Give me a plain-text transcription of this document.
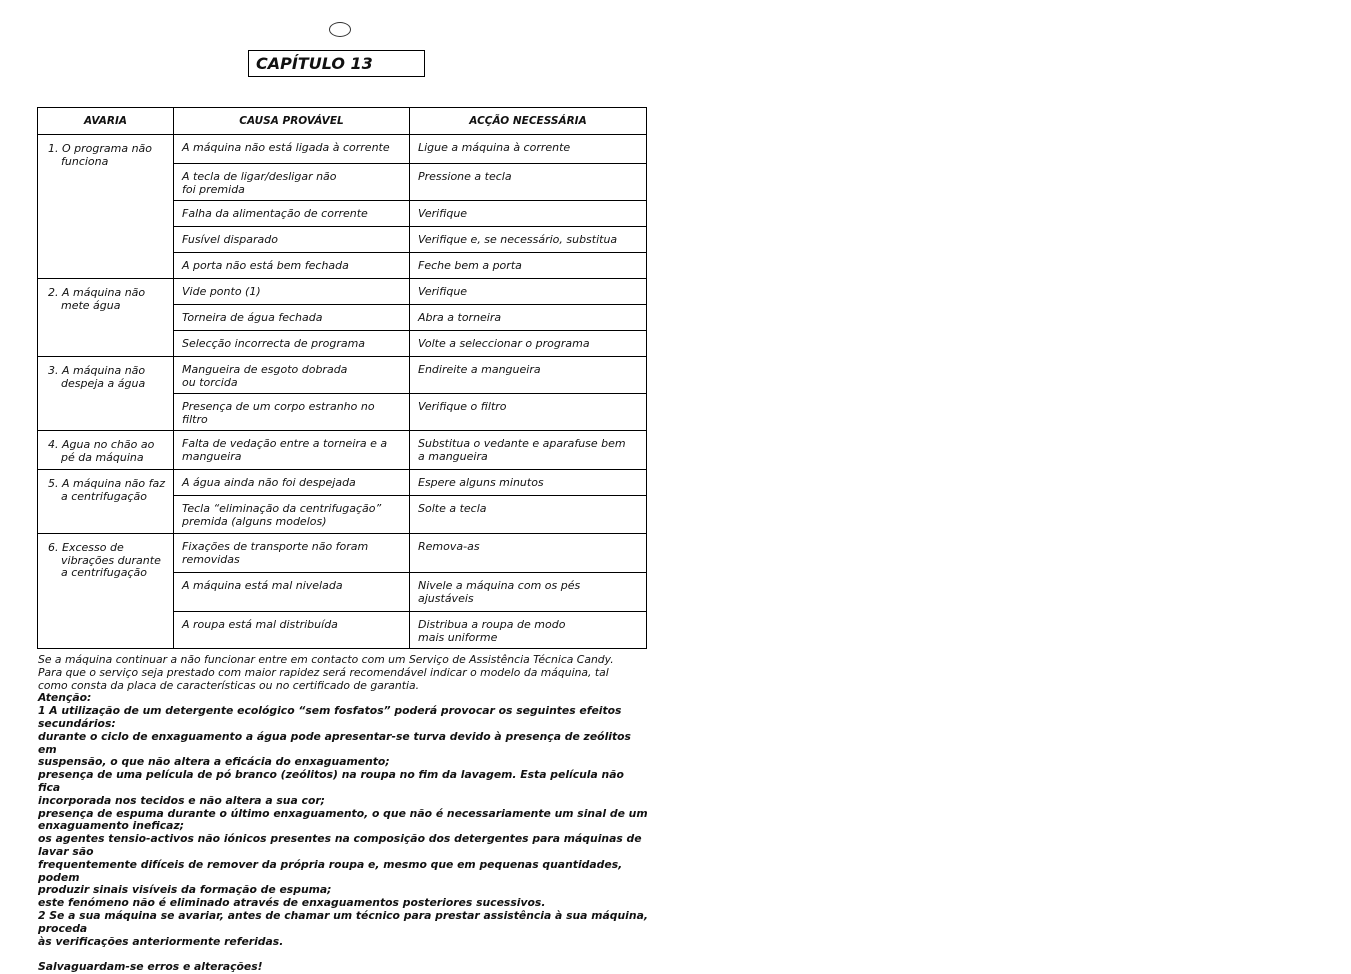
CAPÍTULO 13
AVARIA	CAUSA PROVÁVEL	ACÇÃO NECESSÁRIA

1. O programa não
funciona	A máquina não está ligada à corrente	Ligue a máquina à corrente
	A tecla de ligar/desligar não
foi premida	Pressione a tecla
	Falha da alimentação de corrente	Verifique
	Fusível disparado	Verifique e, se necessário, substitua
	A porta não está bem fechada	Feche bem a porta

2. A máquina não
mete água	Vide ponto (1)	Verifique
	Torneira de água fechada	Abra a torneira
	Selecção incorrecta de programa	Volte a seleccionar o programa

3. A máquina não
despeja a água	Mangueira de esgoto dobrada
ou torcida	Endireite a mangueira
	Presença de um corpo estranho no filtro	Verifique o filtro

4. Agua no chão ao
pé da máquina	Falta de vedação entre a torneira e a
mangueira	Substitua o vedante e aparafuse bem
a mangueira

5. A máquina não faz
a centrifugação	A água ainda não foi despejada	Espere alguns minutos
	Tecla “eliminação da centrifugação”
premida (alguns modelos)	Solte a tecla

6. Excesso de
vibrações durante
a centrifugação	Fixações de transporte não foram
removidas	Remova-as
	A máquina está mal nivelada	Nivele a máquina com os pés
ajustáveis
	A roupa está mal distribuída	Distribua a roupa de modo
mais uniforme

Se a máquina continuar a não funcionar entre em contacto com um Serviço de Assistência Técnica Candy.

Para que o serviço seja prestado com maior rapidez será recomendável indicar o modelo da máquina, tal

como consta da placa de características ou no certificado de garantia.

Atenção:

1 A utilização de um detergente ecológico “sem fosfatos” poderá provocar os seguintes efeitos secundários:

durante o ciclo de enxaguamento a água pode apresentar-se turva devido à presença de zeólitos em

suspensão, o que não altera a eficácia do enxaguamento;

presença de uma película de pó branco (zeólitos) na roupa no fim da lavagem. Esta película não fica

incorporada nos tecidos e não altera a sua cor;

presença de espuma durante o último enxaguamento, o que não é necessariamente um sinal de um

enxaguamento ineficaz;

os agentes tensio-activos não iónicos presentes na composição dos detergentes para máquinas de lavar são

frequentemente difíceis de remover da própria roupa e, mesmo que em pequenas quantidades, podem

produzir sinais visíveis da formação de espuma;

este fenómeno não é eliminado através de enxaguamentos posteriores sucessivos.

2 Se a sua máquina se avariar, antes de chamar um técnico para prestar assistência à sua máquina, proceda

às verificações anteriormente referidas.

Salvaguardam-se erros e alterações!
